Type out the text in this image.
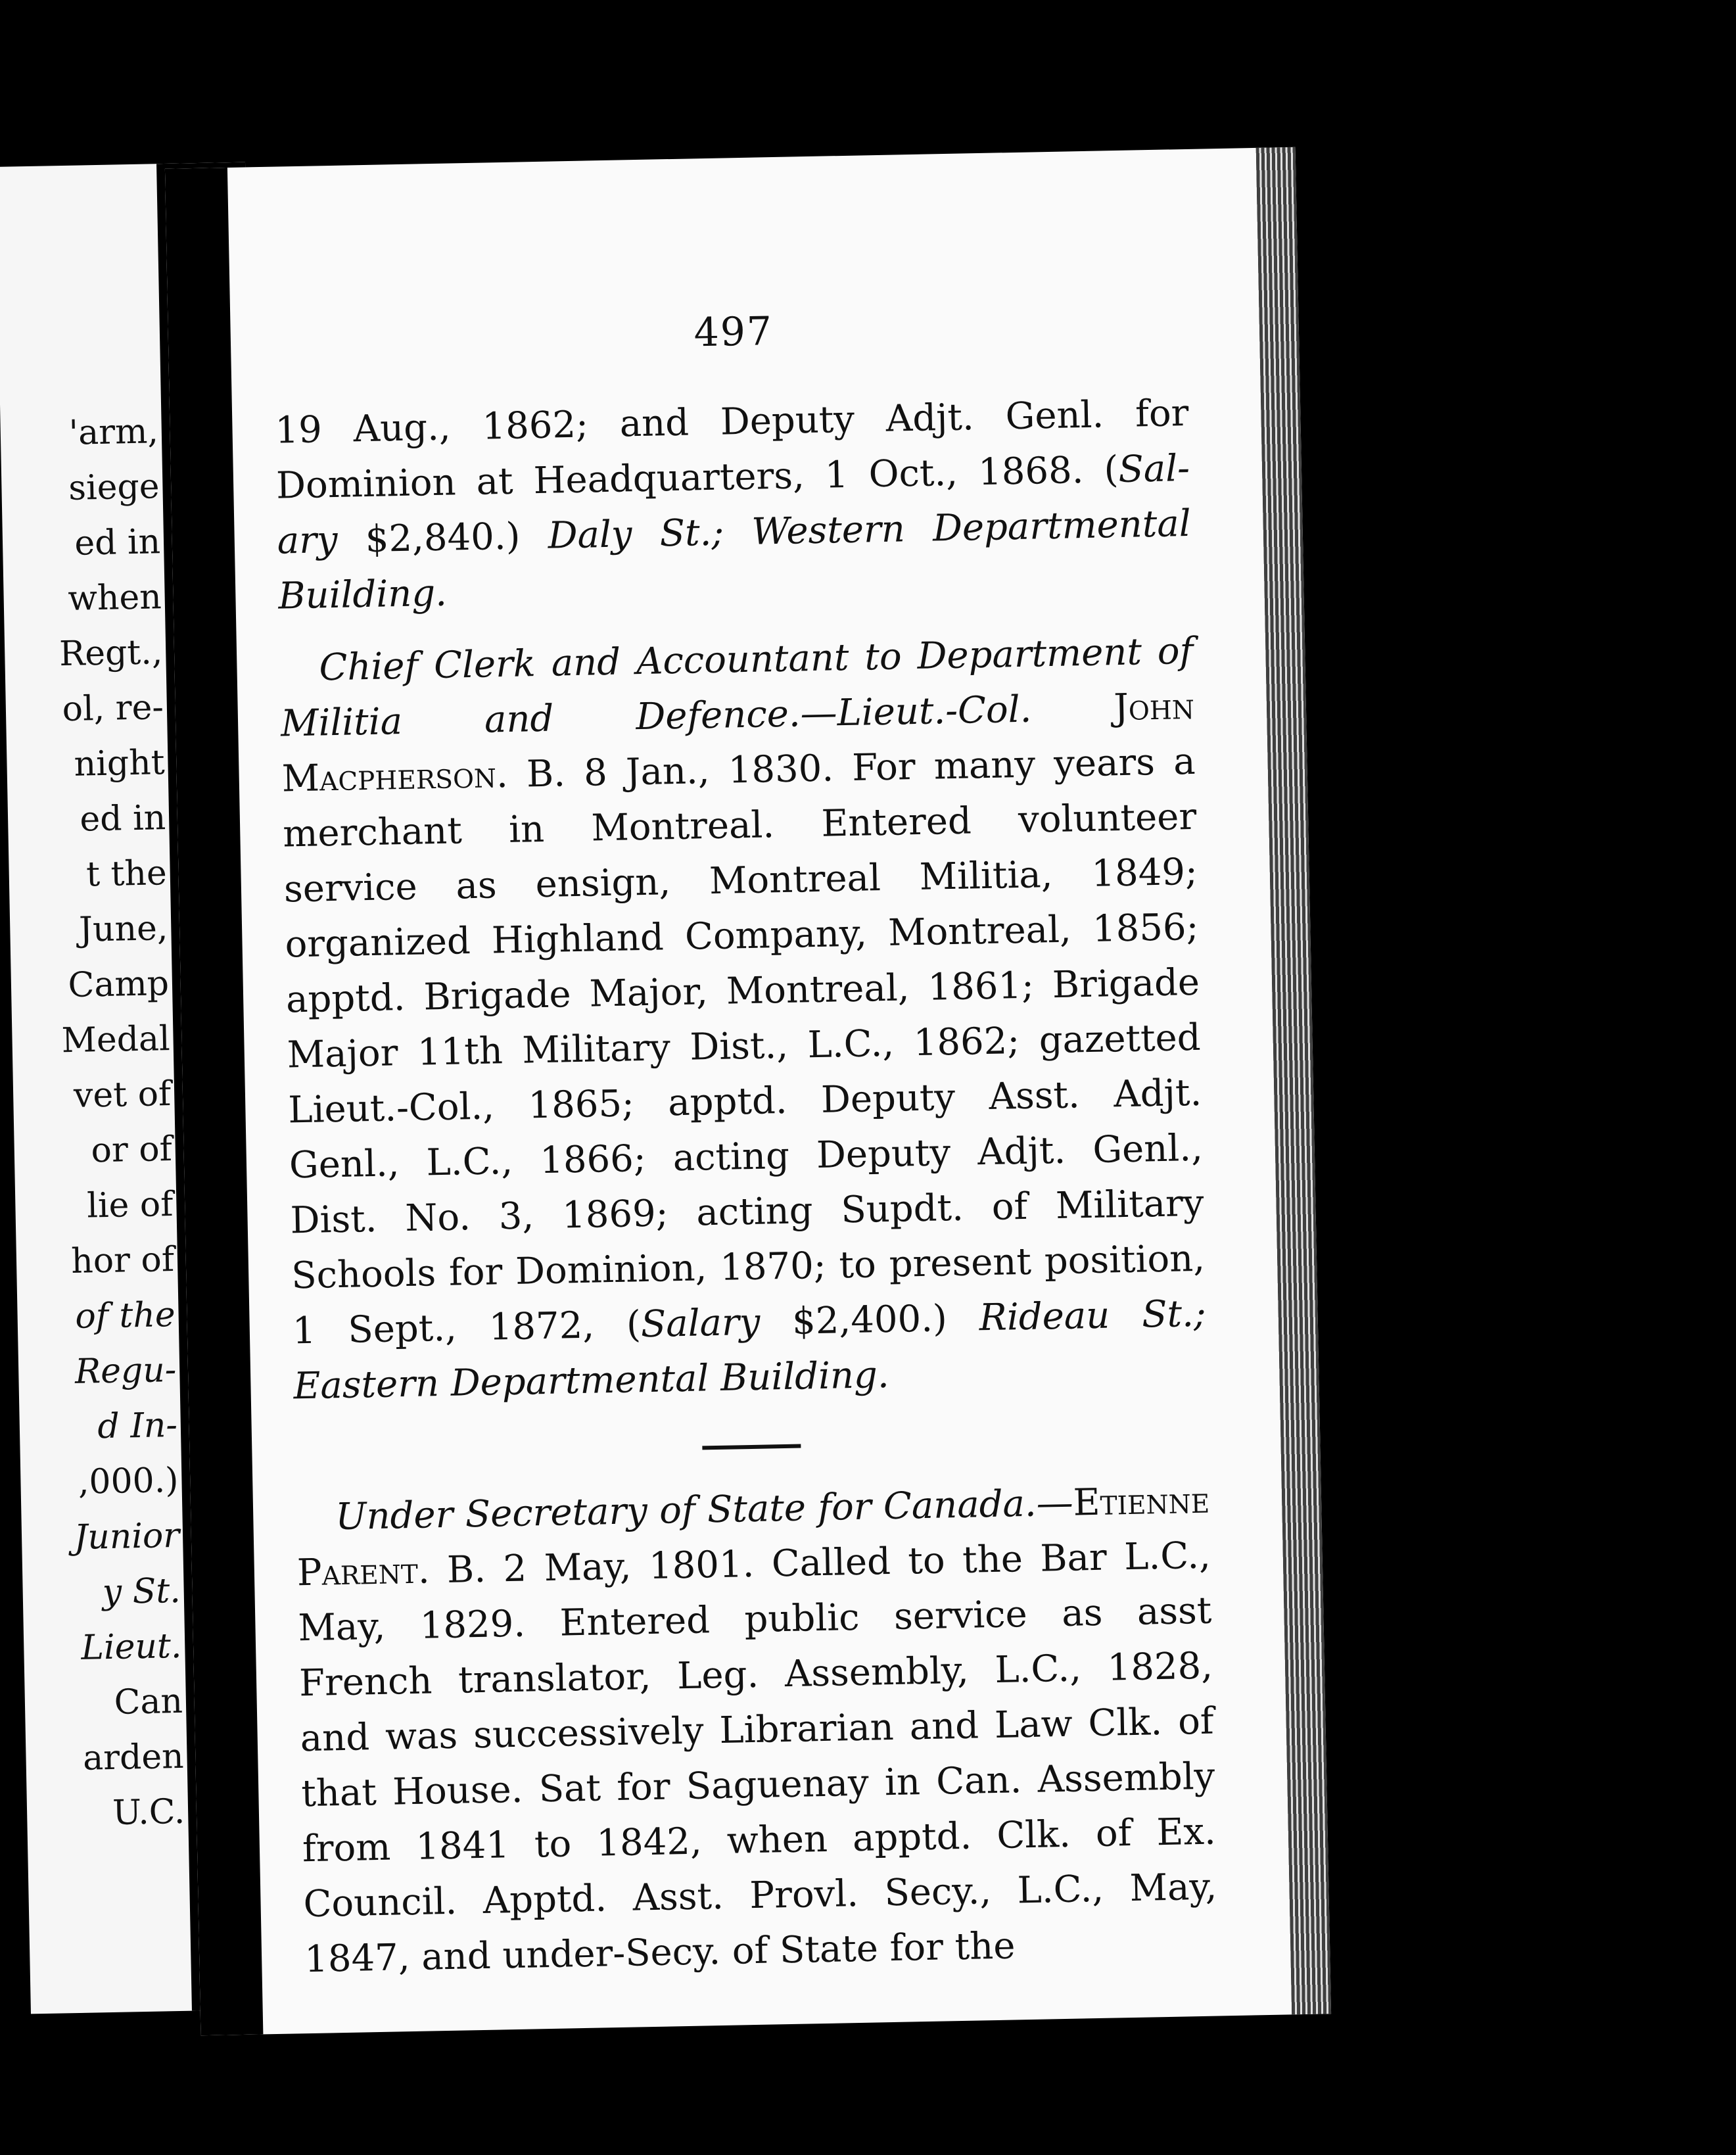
'arm,
siege
ed in
when
Regt.,
ol, re-
night
ed in
t the
June,
Camp
Medal
vet of
or of
lie of
hor of
of the
Regu-
d In-
,000.)
Junior
y St.
Lieut.
Can
arden
U.C.
497

19 Aug., 1862; and Deputy Adjt. Genl. for Dominion at Headquarters, 1 Oct., 1868. (Sal- ary $2,840.) Daly St.; Western Departmental Building.

Chief Clerk and Accountant to Department of Militia and Defence.—Lieut.-Col. John Macpherson. B. 8 Jan., 1830. For many years a merchant in Montreal. Entered volunteer service as ensign, Montreal Militia, 1849; organized Highland Company, Montreal, 1856; apptd. Brigade Major, Montreal, 1861; Brigade Major 11th Military Dist., L.C., 1862; gazetted Lieut.-Col., 1865; apptd. Deputy Asst. Adjt. Genl., L.C., 1866; acting Deputy Adjt. Genl., Dist. No. 3, 1869; acting Supdt. of Military Schools for Dominion, 1870; to present position, 1 Sept., 1872, (Salary $2,400.) Rideau St.; Eastern Departmental Building.

Under Secretary of State for Canada.—Etienne Parent. B. 2 May, 1801. Called to the Bar L.C., May, 1829. Entered public service as asst French translator, Leg. Assembly, L.C., 1828, and was successively Librarian and Law Clk. of that House. Sat for Saguenay in Can. Assembly from 1841 to 1842, when apptd. Clk. of Ex. Council. Apptd. Asst. Provl. Secy., L.C., May, 1847, and under-Secy. of State for the
